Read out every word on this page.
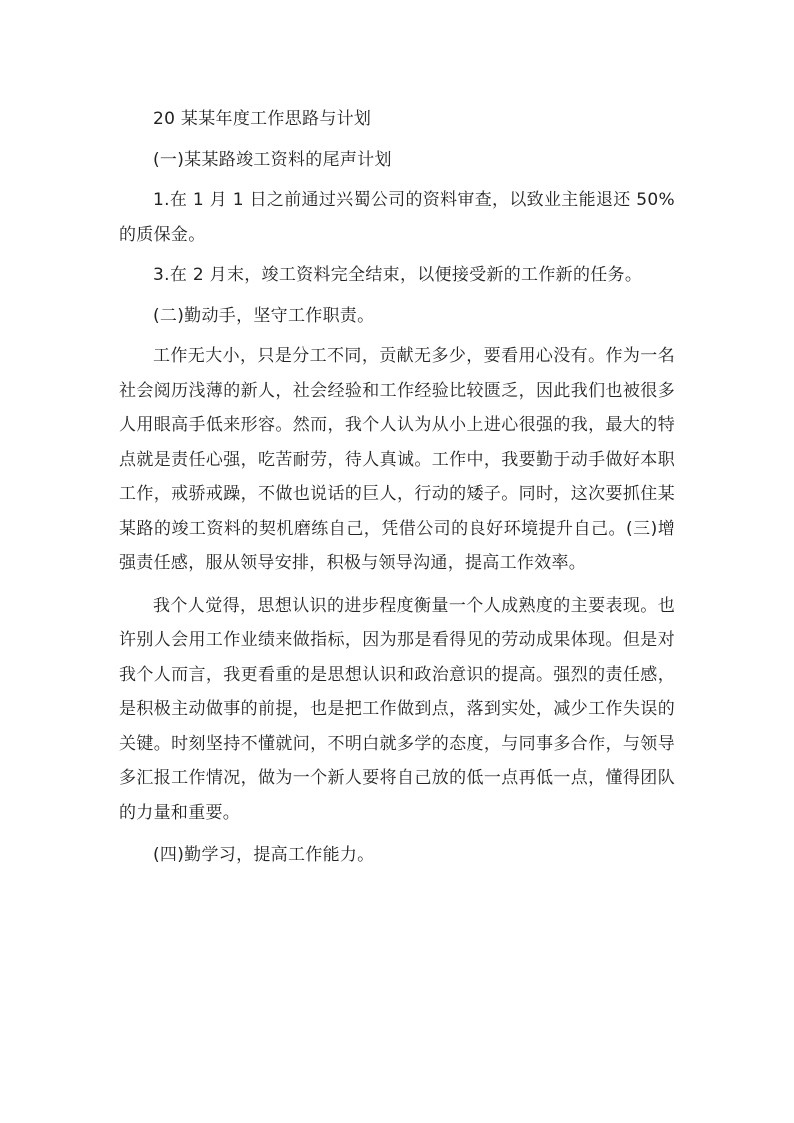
20 某某年度工作思路与计划

(一)某某路竣工资料的尾声计划

1.在 1 月 1 日之前通过兴蜀公司的资料审查，以致业主能退还 50%的质保金。

3.在 2 月末，竣工资料完全结束，以便接受新的工作新的任务。

(二)勤动手，坚守工作职责。

工作无大小，只是分工不同，贡献无多少，要看用心没有。作为一名社会阅历浅薄的新人，社会经验和工作经验比较匮乏，因此我们也被很多人用眼高手低来形容。然而，我个人认为从小上进心很强的我，最大的特点就是责任心强，吃苦耐劳，待人真诚。工作中，我要勤于动手做好本职工作，戒骄戒躁，不做也说话的巨人，行动的矮子。同时，这次要抓住某某路的竣工资料的契机磨练自己，凭借公司的良好环境提升自己。(三)增强责任感，服从领导安排，积极与领导沟通，提高工作效率。

我个人觉得，思想认识的进步程度衡量一个人成熟度的主要表现。也许别人会用工作业绩来做指标，因为那是看得见的劳动成果体现。但是对我个人而言，我更看重的是思想认识和政治意识的提高。强烈的责任感，是积极主动做事的前提，也是把工作做到点，落到实处，减少工作失误的关键。时刻坚持不懂就问，不明白就多学的态度，与同事多合作，与领导多汇报工作情况，做为一个新人要将自己放的低一点再低一点，懂得团队的力量和重要。

(四)勤学习，提高工作能力。
